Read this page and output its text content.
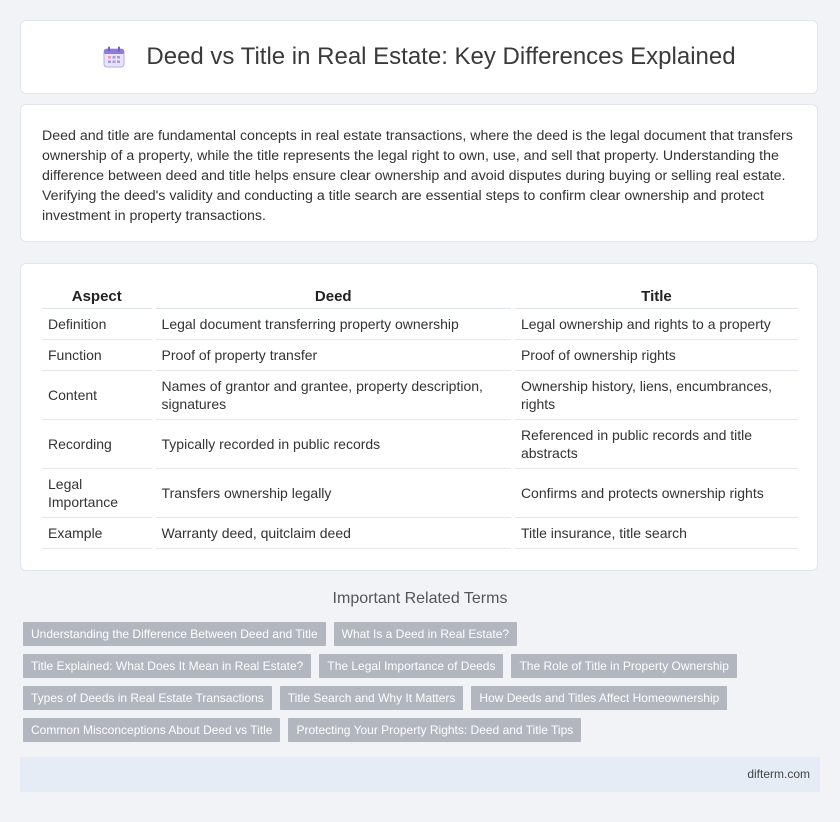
Deed vs Title in Real Estate: Key Differences Explained

Deed and title are fundamental concepts in real estate transactions, where the deed is the legal document that transfers ownership of a property, while the title represents the legal right to own, use, and sell that property. Understanding the difference between deed and title helps ensure clear ownership and avoid disputes during buying or selling real estate. Verifying the deed's validity and conducting a title search are essential steps to confirm clear ownership and protect investment in property transactions.

Aspect	Deed	Title
Definition	Legal document transferring property ownership	Legal ownership and rights to a property
Function	Proof of property transfer	Proof of ownership rights
Content	Names of grantor and grantee, property description, signatures	Ownership history, liens, encumbrances, rights
Recording	Typically recorded in public records	Referenced in public records and title abstracts
Legal Importance	Transfers ownership legally	Confirms and protects ownership rights
Example	Warranty deed, quitclaim deed	Title insurance, title search
Important Related Terms
Understanding the Difference Between Deed and Title	What Is a Deed in Real Estate?
Title Explained: What Does It Mean in Real Estate?	The Legal Importance of Deeds	The Role of Title in Property Ownership
Types of Deeds in Real Estate Transactions	Title Search and Why It Matters	How Deeds and Titles Affect Homeownership
Common Misconceptions About Deed vs Title	Protecting Your Property Rights: Deed and Title Tips
difterm.com
